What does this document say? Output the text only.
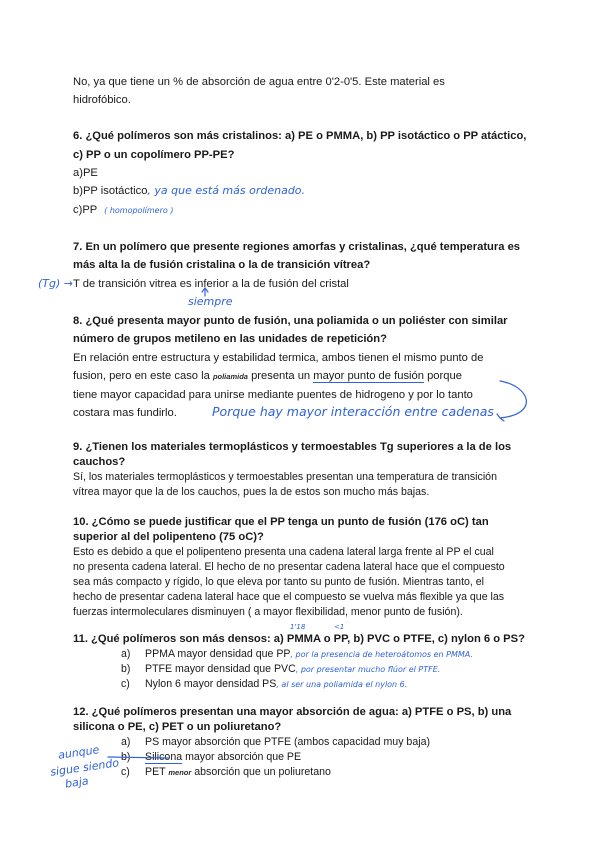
No, ya que tiene un % de absorción de agua entre 0'2-0'5. Este material es
hidrofóbico.
6. ¿Qué polímeros son más cristalinos: a) PE o PMMA, b) PP isotáctico o PP atáctico,
c) PP o un copolímero PP-PE?
a)PE
b)PP isotáctico, ya que está más ordenado.
c)PP ( homopolímero )
7. En un polímero que presente regiones amorfas y cristalinas, ¿qué temperatura es
más alta la de fusión cristalina o la de transición vítrea?
(Tg) → T de transición vitrea es inferior a la de fusión del cristal
siempre
8. ¿Qué presenta mayor punto de fusión, una poliamida o un poliéster con similar
número de grupos metileno en las unidades de repetición?
En relación entre estructura y estabilidad termica, ambos tienen el mismo punto de
fusion, pero en este caso la poliamida presenta un mayor punto de fusión porque
tiene mayor capacidad para unirse mediante puentes de hidrogeno y por lo tanto
costara mas fundirlo.	Porque hay mayor interacción entre cadenas
9. ¿Tienen los materiales termoplásticos y termoestables Tg superiores a la de los
cauchos?
Sí, los materiales termoplásticos y termoestables presentan una temperatura de transición
vítrea mayor que la de los cauchos, pues la de estos son mucho más bajas.
10. ¿Cómo se puede justificar que el PP tenga un punto de fusión (176 oC) tan
superior al del polipenteno (75 oC)?
Esto es debido a que el polipenteno presenta una cadena lateral larga frente al PP el cual
no presenta cadena lateral. El hecho de no presentar cadena lateral hace que el compuesto
sea más compacto y rígido, lo que eleva por tanto su punto de fusión. Mientras tanto, el
hecho de presentar cadena lateral hace que el compuesto se vuelva más flexible ya que las
fuerzas intermoleculares disminuyen ( a mayor flexibilidad, menor punto de fusión).
1'18	<1
11. ¿Qué polímeros son más densos: a) PMMA o PP, b) PVC o PTFE, c) nylon 6 o PS?
a) PPMA mayor densidad que PP, por la presencia de heteroátomos en PMMA.
b) PTFE mayor densidad que PVC, por presentar mucho flúor el PTFE.
c) Nylon 6 mayor densidad PS, al ser una poliamida el nylon 6.
12. ¿Qué polímeros presentan una mayor absorción de agua: a) PTFE o PS, b) una
silicona o PE, c) PET o un poliuretano?
a) PS mayor absorción que PTFE (ambos capacidad muy baja)
b) Silicona mayor absorción que PE
c) PET menor absorción que un poliuretano
aunque
sigue siendo
baja
